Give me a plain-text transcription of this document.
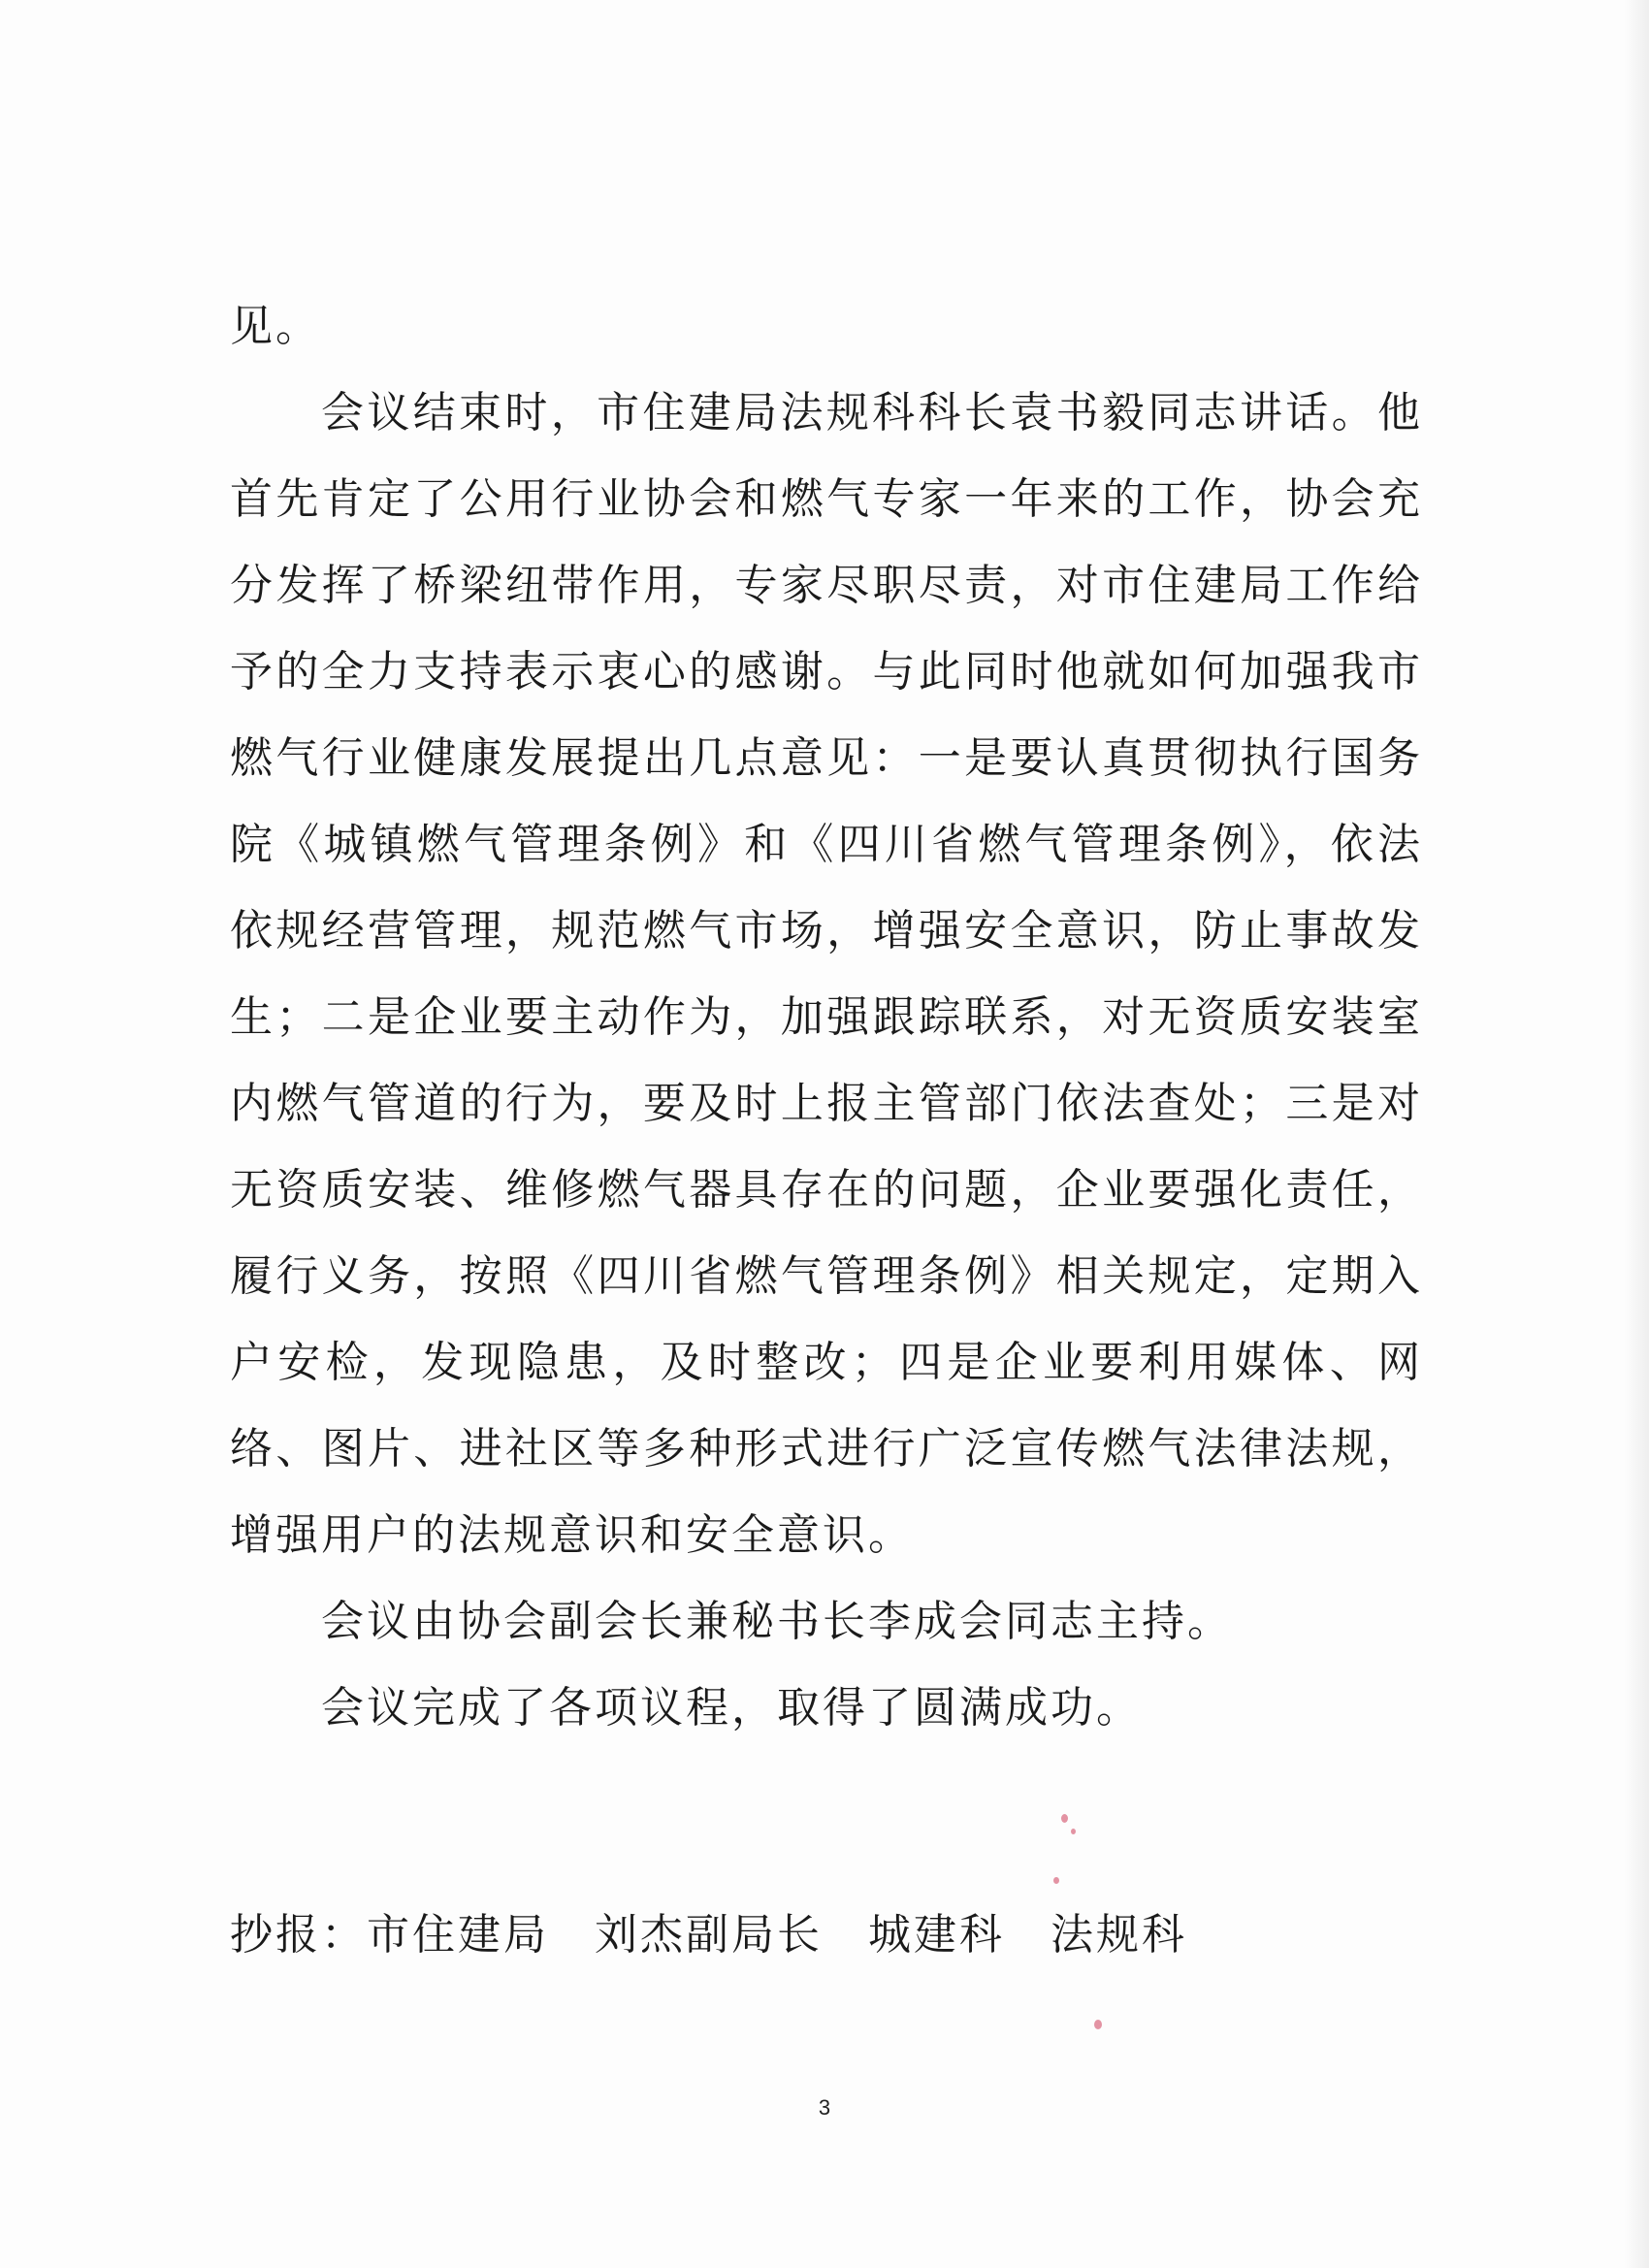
见。

会议结束时，市住建局法规科科长袁书毅同志讲话。他首先肯定了公用行业协会和燃气专家一年来的工作，协会充分发挥了桥梁纽带作用，专家尽职尽责，对市住建局工作给予的全力支持表示衷心的感谢。与此同时他就如何加强我市燃气行业健康发展提出几点意见：一是要认真贯彻执行国务院《城镇燃气管理条例》和《四川省燃气管理条例》，依法依规经营管理，规范燃气市场，增强安全意识，防止事故发生；二是企业要主动作为，加强跟踪联系，对无资质安装室内燃气管道的行为，要及时上报主管部门依法查处；三是对无资质安装、维修燃气器具存在的问题，企业要强化责任，履行义务，按照《四川省燃气管理条例》相关规定，定期入户安检，发现隐患，及时整改；四是企业要利用媒体、网络、图片、进社区等多种形式进行广泛宣传燃气法律法规，增强用户的法规意识和安全意识。

会议由协会副会长兼秘书长李成会同志主持。

会议完成了各项议程，取得了圆满成功。

抄报：市住建局　刘杰副局长　城建科　法规科
3
